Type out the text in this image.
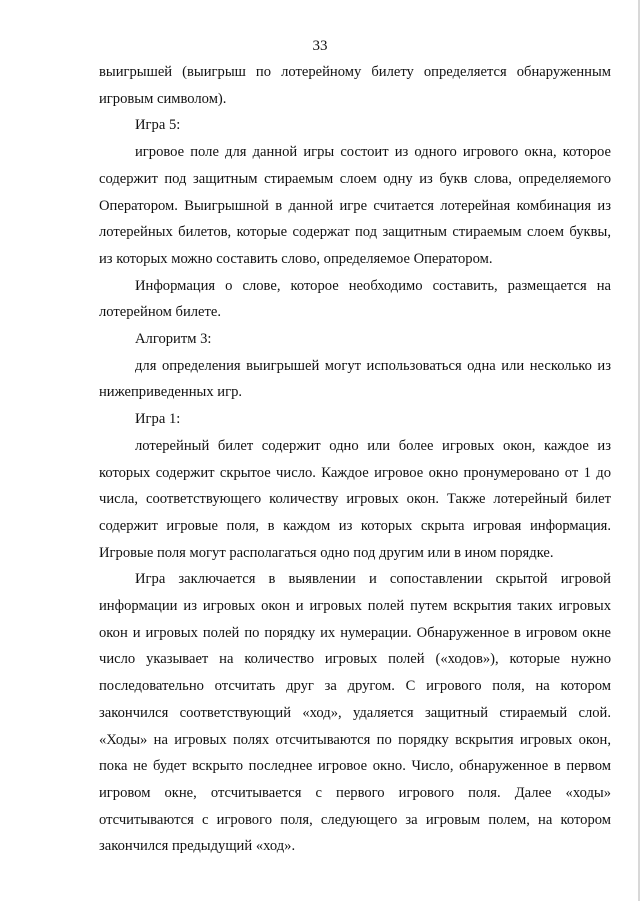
33

выигрышей (выигрыш по лотерейному билету определяется обнаруженным игровым символом).

Игра 5:

игровое поле для данной игры состоит из одного игрового окна, которое содержит под защитным стираемым слоем одну из букв слова, определяемого Оператором. Выигрышной в данной игре считается лотерейная комбинация из лотерейных билетов, которые содержат под защитным стираемым слоем буквы, из которых можно составить слово, определяемое Оператором.

Информация о слове, которое необходимо составить, размещается на лотерейном билете.

Алгоритм 3:

для определения выигрышей могут использоваться одна или несколько из нижеприведенных игр.

Игра 1:

лотерейный билет содержит одно или более игровых окон, каждое из которых содержит скрытое число. Каждое игровое окно пронумеровано от 1 до числа, соответствующего количеству игровых окон. Также лотерейный билет содержит игровые поля, в каждом из которых скрыта игровая информация. Игровые поля могут располагаться одно под другим или в ином порядке.

Игра заключается в выявлении и сопоставлении скрытой игровой информации из игровых окон и игровых полей путем вскрытия таких игровых окон и игровых полей по порядку их нумерации. Обнаруженное в игровом окне число указывает на количество игровых полей («ходов»), которые нужно последовательно отсчитать друг за другом. С игрового поля, на котором закончился соответствующий «ход», удаляется защитный стираемый слой. «Ходы» на игровых полях отсчитываются по порядку вскрытия игровых окон, пока не будет вскрыто последнее игровое окно. Число, обнаруженное в первом игровом окне, отсчитывается с первого игрового поля. Далее «ходы» отсчитываются с игрового поля, следующего за игровым полем, на котором закончился предыдущий «ход».
